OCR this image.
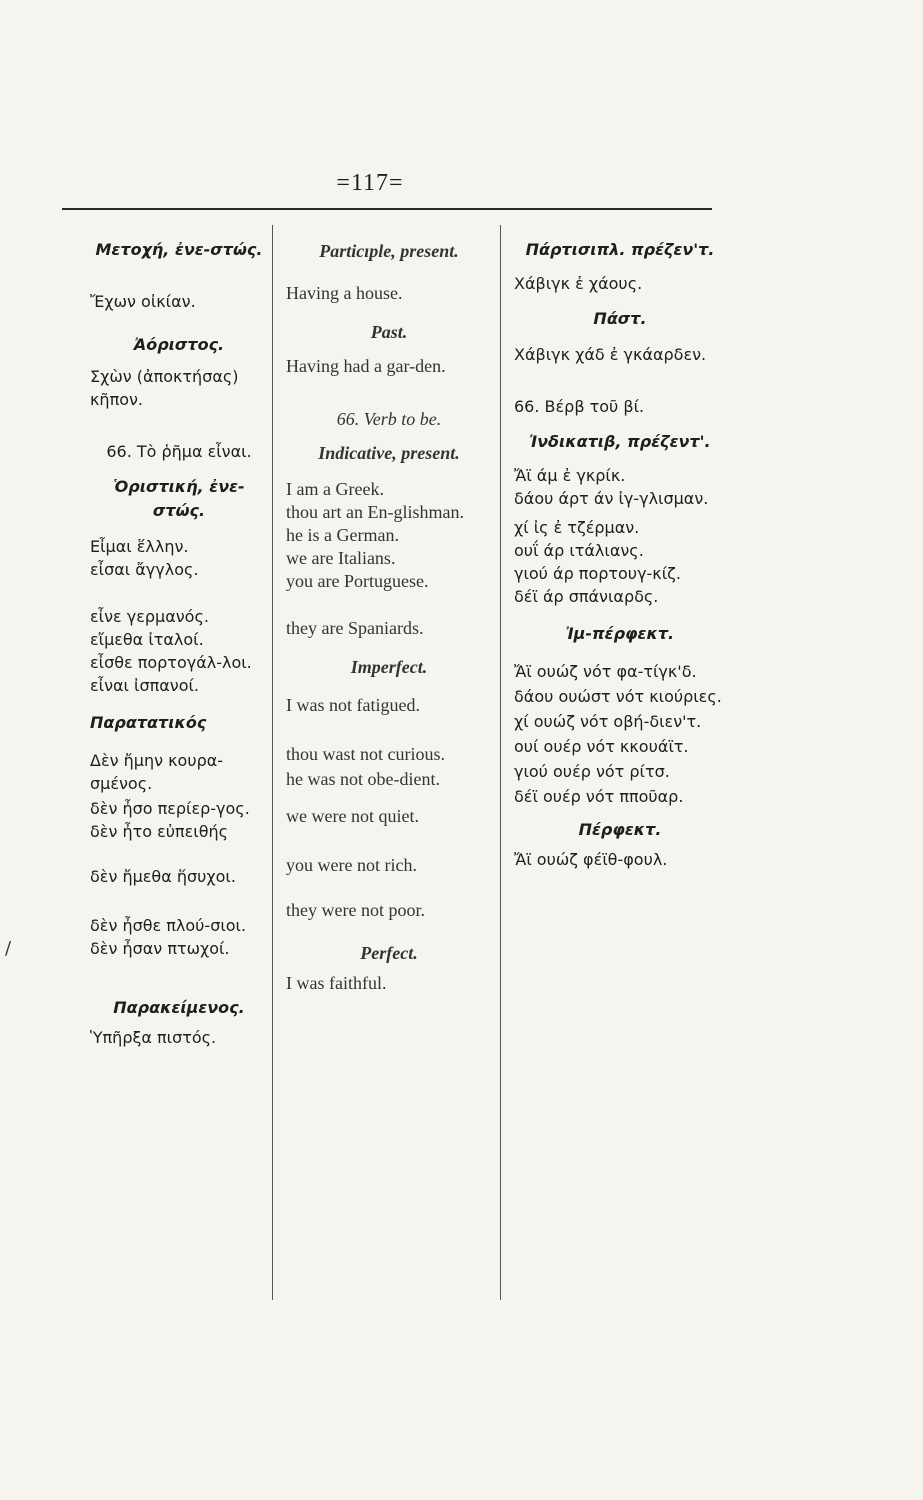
=117=
/

Μετοχή, ἐνε-στώς.

Ἔχων οἰκίαν.

Ἀόριστος.

Σχὼν (ἀποκτήσας) κῆπον.

66. Τὸ ῥῆμα εἶναι.

Ὁριστική, ἐνε-στώς.

Εἶμαι ἕλλην.

εἶσαι ἄγγλος.

εἶνε γερμανός.

εἴμεθα ἰταλοί.

εἶσθε πορτογάλ-λοι.

εἶναι ἰσπανοί.

Παρατατικός

Δὲν ἤμην κουρα-σμένος.

δὲν ἦσο περίερ-γος.

δὲν ἦτο εὐπειθής

δὲν ἤμεθα ἥσυχοι.

δὲν ἦσθε πλού-σιοι.

δὲν ἦσαν πτωχοί.

Παρακείμενος.

Ὑπῆρξα πιστός.

Particıple, present.

Having a house.

Past.

Having had a gar-den.

66. Verb to be.

Indicative, present.

I am a Greek.

thou art an En-glishman.

he is a German.

we are Italians.

you are Portuguese.

they are Spaniards.

Imperfect.

I was not fatigued.

thou wast not curious.

he was not obe-dient.

we were not quiet.

you were not rich.

they were not poor.

Perfect.

I was faithful.

Πάρτισιπλ. πρέζεν'τ.

Χάβιγκ ἐ χάους.

Πάστ.

Χάβιγκ χάδ ἐ γκάαρδεν.

66. Βέρβ τοῦ βί.

Ἰνδικατιβ, πρέζεντ'.

Ἄϊ άμ ἐ γκρίκ.

δάου άρτ άν ἰγ-γλισμαν.

χί ἰς ἐ τζέρμαν.

ουΐ άρ ιτάλιανς.

γιού άρ πορτουγ-κίζ.

δέϊ άρ σπάνιαρδς.

Ἰμ-πέρφεκτ.

Ἄϊ ουώζ νότ φα-τίγκ'δ.

δάου ουώστ νότ κιούριες.

χί ουώζ νότ οβή-διεν'τ.

ουί ουέρ νότ κκουάϊτ.

γιού ουέρ νότ ρίτσ.

δέϊ ουέρ νότ πποῦαρ.

Πέρφεκτ.

Ἄϊ ουώζ φέϊθ-φουλ.
